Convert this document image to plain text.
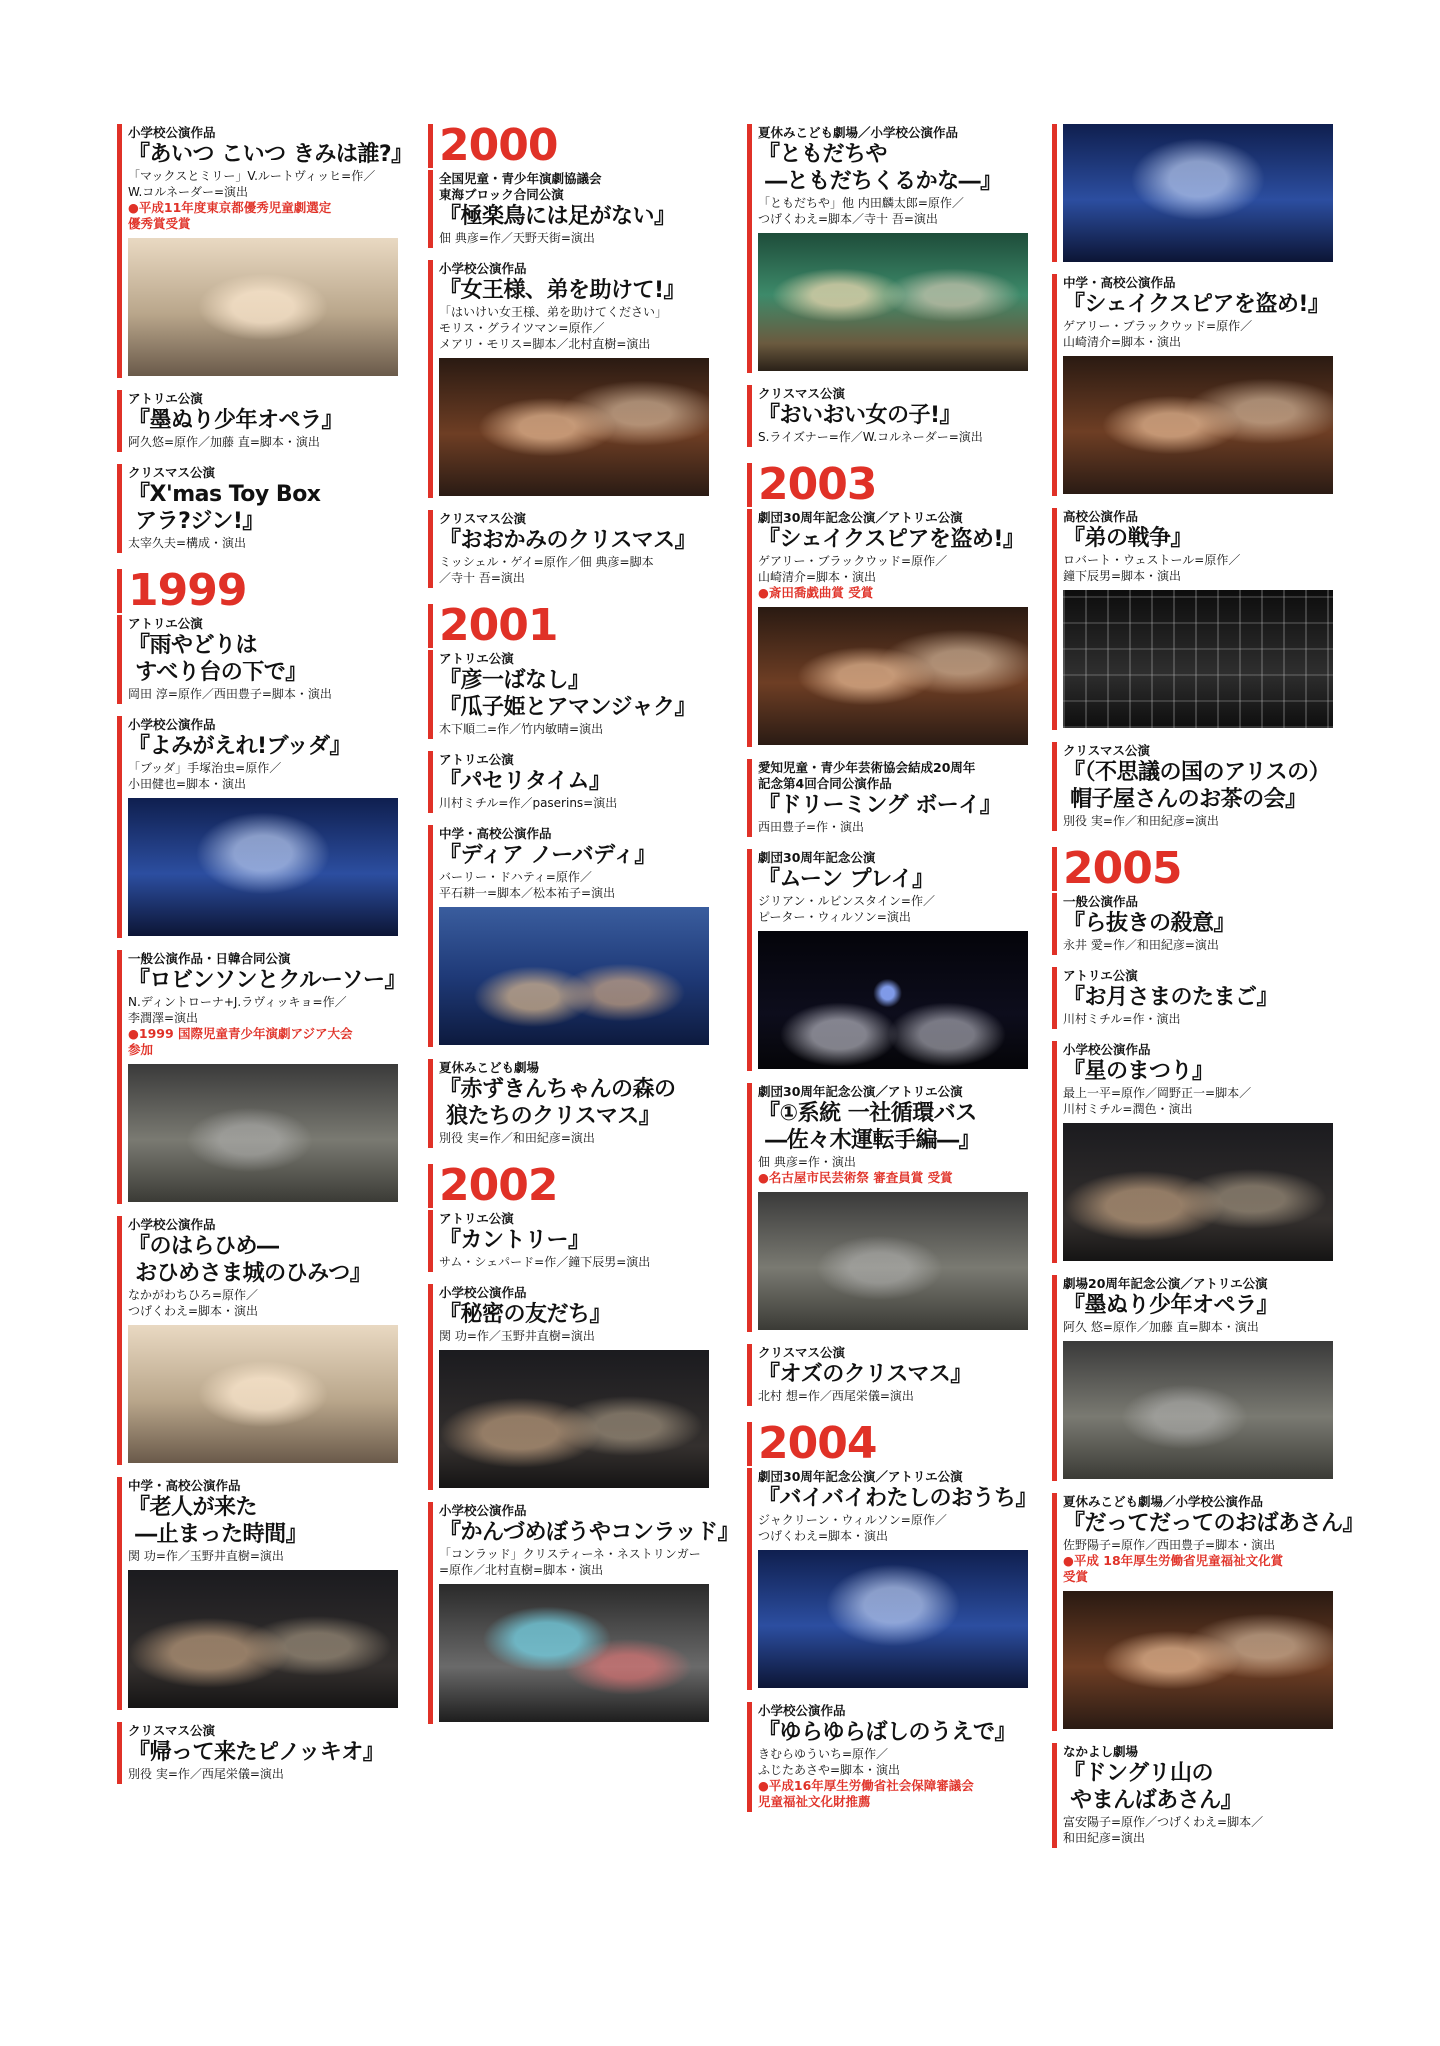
小学校公演作品
『あいつ こいつ きみは誰?』
「マックスとミリー」V.ルートヴィッヒ=作／
W.コルネーダー=演出
●平成11年度東京都優秀児童劇選定
優秀賞受賞
アトリエ公演
『墨ぬり少年オペラ』
阿久悠=原作／加藤 直=脚本・演出
クリスマス公演
『X'mas Toy Box
アラ?ジン!』
太宰久夫=構成・演出
1999
アトリエ公演
『雨やどりは
すべり台の下で』
岡田 淳=原作／西田豊子=脚本・演出
小学校公演作品
『よみがえれ!ブッダ』
「ブッダ」手塚治虫=原作／
小田健也=脚本・演出
一般公演作品・日韓合同公演
『ロビンソンとクルーソー』
N.ディントローナ+J.ラヴィッキョ=作／
李潤澤=演出
●1999 国際児童青少年演劇アジア大会
参加
小学校公演作品
『のはらひめ―
おひめさま城のひみつ』
なかがわちひろ=原作／
つげくわえ=脚本・演出
中学・高校公演作品
『老人が来た
―止まった時間』
関 功=作／玉野井直樹=演出
クリスマス公演
『帰って来たピノッキオ』
別役 実=作／西尾栄儀=演出
2000
全国児童・青少年演劇協議会
東海ブロック合同公演
『極楽鳥には足がない』
佃 典彦=作／天野天街=演出
小学校公演作品
『女王様、弟を助けて!』
「はいけい女王様、弟を助けてください」
モリス・グライツマン=原作／
メアリ・モリス=脚本／北村直樹=演出
クリスマス公演
『おおかみのクリスマス』
ミッシェル・ゲイ=原作／佃 典彦=脚本
／寺十 吾=演出
2001
アトリエ公演
『彦一ばなし』
『瓜子姫とアマンジャク』
木下順二=作／竹内敏晴=演出
アトリエ公演
『パセリタイム』
川村ミチル=作／paserins=演出
中学・高校公演作品
『ディア ノーバディ』
バーリー・ドハティ=原作／
平石耕一=脚本／松本祐子=演出
夏休みこども劇場
『赤ずきんちゃんの森の
狼たちのクリスマス』
別役 実=作／和田紀彦=演出
2002
アトリエ公演
『カントリー』
サム・シェパード=作／鐘下辰男=演出
小学校公演作品
『秘密の友だち』
関 功=作／玉野井直樹=演出
小学校公演作品
『かんづめぼうやコンラッド』
「コンラッド」クリスティーネ・ネストリンガー
=原作／北村直樹=脚本・演出
夏休みこども劇場／小学校公演作品
『ともだちや
―ともだちくるかな―』
「ともだちや」他 内田麟太郎=原作／
つげくわえ=脚本／寺十 吾=演出
クリスマス公演
『おいおい女の子!』
S.ライズナー=作／W.コルネーダー=演出
2003
劇団30周年記念公演／アトリエ公演
『シェイクスピアを盗め!』
ゲアリー・ブラックウッド=原作／
山崎清介=脚本・演出
●斎田喬戯曲賞 受賞
愛知児童・青少年芸術協会結成20周年
記念第4回合同公演作品
『ドリーミング ボーイ』
西田豊子=作・演出
劇団30周年記念公演
『ムーン プレイ』
ジリアン・ルビンスタイン=作／
ピーター・ウィルソン=演出
劇団30周年記念公演／アトリエ公演
『①系統 一社循環バス
―佐々木運転手編―』
佃 典彦=作・演出
●名古屋市民芸術祭 審査員賞 受賞
クリスマス公演
『オズのクリスマス』
北村 想=作／西尾栄儀=演出
2004
劇団30周年記念公演／アトリエ公演
『バイバイわたしのおうち』
ジャクリーン・ウィルソン=原作／
つげくわえ=脚本・演出
小学校公演作品
『ゆらゆらばしのうえで』
きむらゆういち=原作／
ふじたあさや=脚本・演出
●平成16年厚生労働省社会保障審議会
児童福祉文化財推薦
中学・高校公演作品
『シェイクスピアを盗め!』
ゲアリー・ブラックウッド=原作／
山崎清介=脚本・演出
高校公演作品
『弟の戦争』
ロバート・ウェストール=原作／
鐘下辰男=脚本・演出
クリスマス公演
『（不思議の国のアリスの）
帽子屋さんのお茶の会』
別役 実=作／和田紀彦=演出
2005
一般公演作品
『ら抜きの殺意』
永井 愛=作／和田紀彦=演出
アトリエ公演
『お月さまのたまご』
川村ミチル=作・演出
小学校公演作品
『星のまつり』
最上一平=原作／岡野正一=脚本／
川村ミチル=潤色・演出
劇場20周年記念公演／アトリエ公演
『墨ぬり少年オペラ』
阿久 悠=原作／加藤 直=脚本・演出
夏休みこども劇場／小学校公演作品
『だってだってのおばあさん』
佐野陽子=原作／西田豊子=脚本・演出
●平成 18年厚生労働省児童福祉文化賞
受賞
なかよし劇場
『ドングリ山の
やまんばあさん』
富安陽子=原作／つげくわえ=脚本／
和田紀彦=演出
